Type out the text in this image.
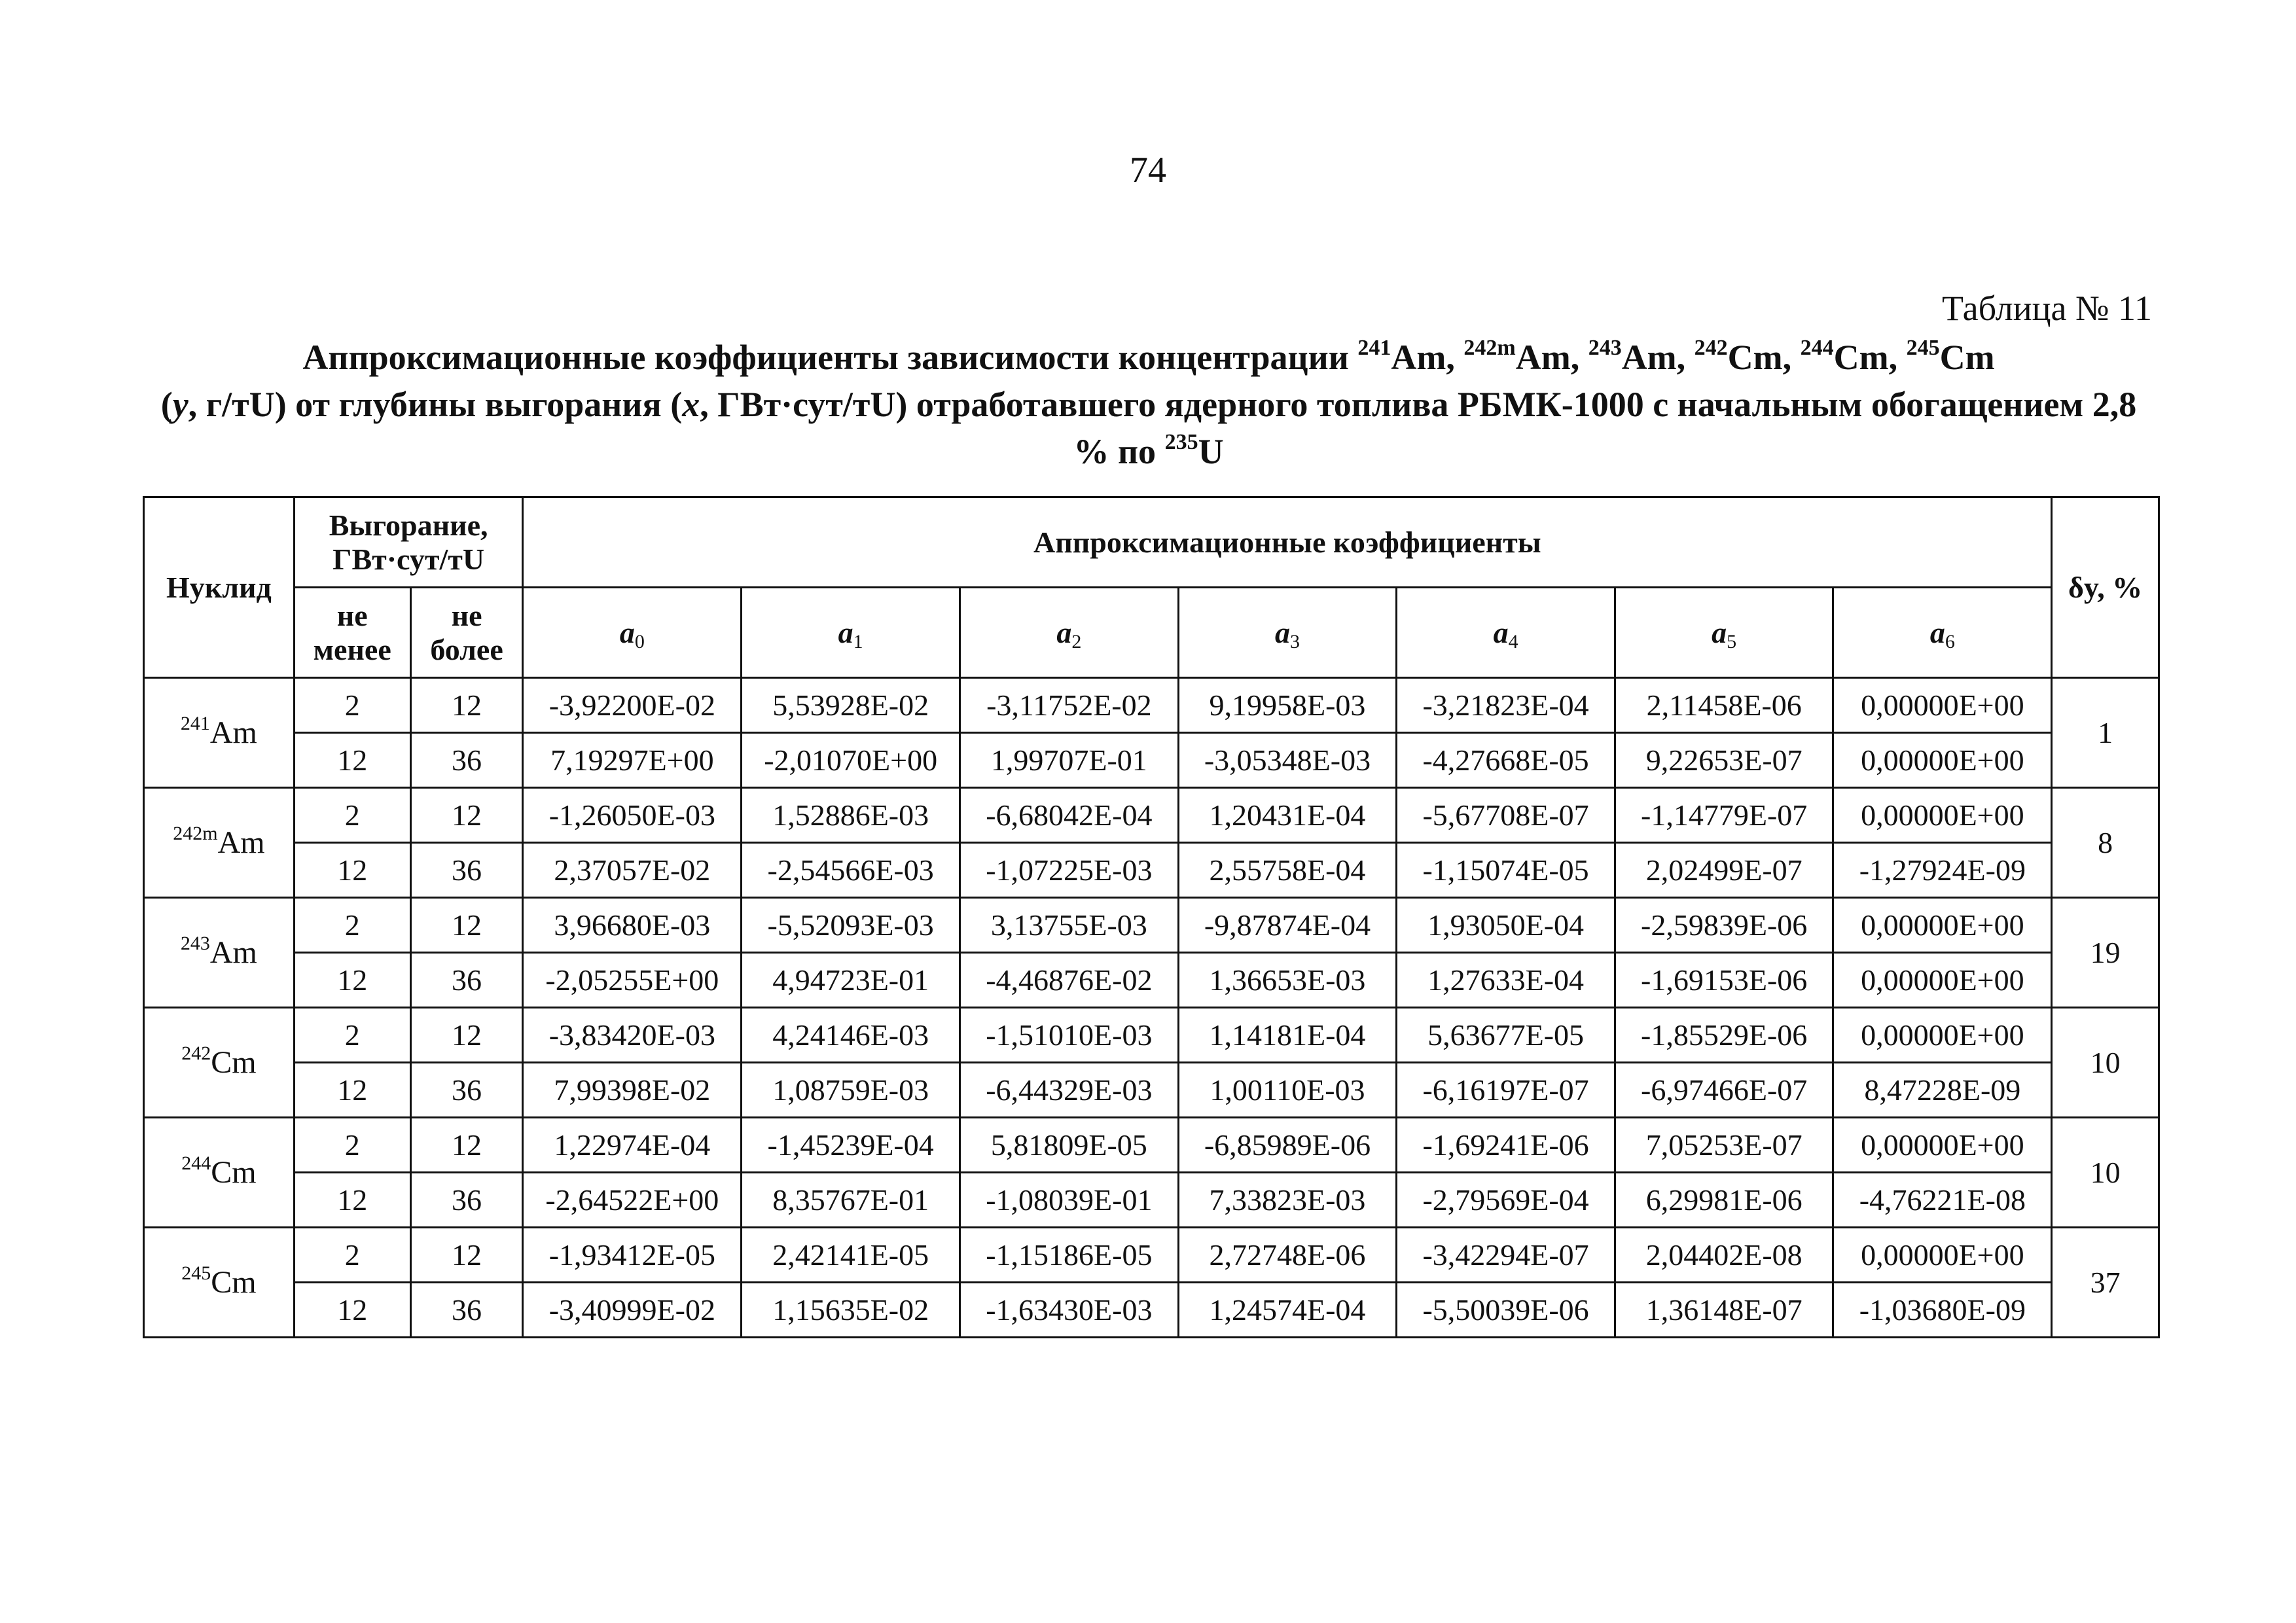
74
Таблица № 11
Аппроксимационные коэффициенты зависимости концентрации $^{241}$Am, $^{242m}$Am, $^{243}$Am, $^{242}$Cm, $^{244}$Cm, $^{245}$Cm
(y, г/тU) от глубины выгорания (x, ГВт·сут/тU) отработавшего ядерного топлива РБМК-1000 с начальным обогащением 2,8 % по $^{235}$U
Нуклид	Выгорание, ГВт·сут/тU		Аппроксимационные коэффициенты							δy, %
	не менее	не более	$a_0$	$a_1$	$a_2$	$a_3$	$a_4$	$a_5$	$a_6$
$^{241}$Am	2	12	-3,92200E-02	5,53928E-02	-3,11752E-02	9,19958E-03	-3,21823E-04	2,11458E-06	0,00000E+00	1
	12	36	7,19297E+00	-2,01070E+00	1,99707E-01	-3,05348E-03	-4,27668E-05	9,22653E-07	0,00000E+00	
$^{242m}$Am	2	12	-1,26050E-03	1,52886E-03	-6,68042E-04	1,20431E-04	-5,67708E-07	-1,14779E-07	0,00000E+00	8
	12	36	2,37057E-02	-2,54566E-03	-1,07225E-03	2,55758E-04	-1,15074E-05	2,02499E-07	-1,27924E-09	
$^{243}$Am	2	12	3,96680E-03	-5,52093E-03	3,13755E-03	-9,87874E-04	1,93050E-04	-2,59839E-06	0,00000E+00	19
	12	36	-2,05255E+00	4,94723E-01	-4,46876E-02	1,36653E-03	1,27633E-04	-1,69153E-06	0,00000E+00	
$^{242}$Cm	2	12	-3,83420E-03	4,24146E-03	-1,51010E-03	1,14181E-04	5,63677E-05	-1,85529E-06	0,00000E+00	10
	12	36	7,99398E-02	1,08759E-03	-6,44329E-03	1,00110E-03	-6,16197E-07	-6,97466E-07	8,47228E-09	
$^{244}$Cm	2	12	1,22974E-04	-1,45239E-04	5,81809E-05	-6,85989E-06	-1,69241E-06	7,05253E-07	0,00000E+00	10
	12	36	-2,64522E+00	8,35767E-01	-1,08039E-01	7,33823E-03	-2,79569E-04	6,29981E-06	-4,76221E-08	
$^{245}$Cm	2	12	-1,93412E-05	2,42141E-05	-1,15186E-05	2,72748E-06	-3,42294E-07	2,04402E-08	0,00000E+00	37
	12	36	-3,40999E-02	1,15635E-02	-1,63430E-03	1,24574E-04	-5,50039E-06	1,36148E-07	-1,03680E-09	
